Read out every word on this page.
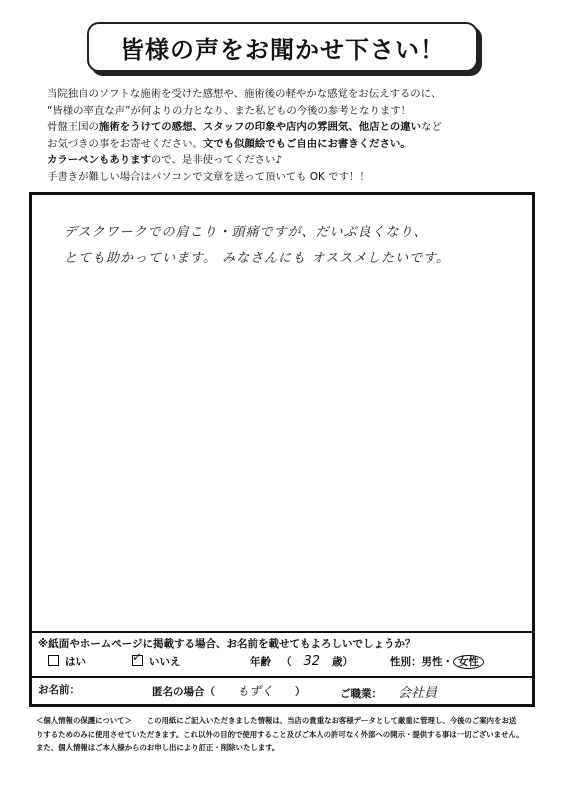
皆様の声をお聞かせ下さい！
当院独自のソフトな施術を受けた感想や、施術後の軽やかな感覚をお伝えするのに、
“皆様の率直な声”が何よりの力となり、また私どもの今後の参考となります！
骨盤王国の施術をうけての感想、スタッフの印象や店内の雰囲気、他店との違いなど
お気づきの事をお寄せください。文でも似顔絵でもご自由にお書きください。
カラーペンもありますので、是非使ってください♪
手書きが難しい場合はパソコンで文章を送って頂いても OK です！！
デスクワークでの肩こり・頭痛ですが、だいぶ良くなり、
とても助かっています。 みなさんにも オススメしたいです。
※紙面やホームページに掲載する場合、お名前を載せてもよろしいでしょうか？
はい
✓	いいえ	年齢 （ 32 歳）	性別：男性・ 女性
お名前：	匿名の場合（ もずく ）	ご職業： 会社員
＜個人情報の保護について＞　　この用紙にご記入いただきました情報は、当店の貴重なお客様データとして厳重に管理し、今後のご案内をお送
りするためのみに使用させていただきます。これ以外の目的で使用すること及びご本人の許可なく外部への開示・提供する事は一切ございません。
また、個人情報はご本人様からのお申し出により訂正・削除いたします。
